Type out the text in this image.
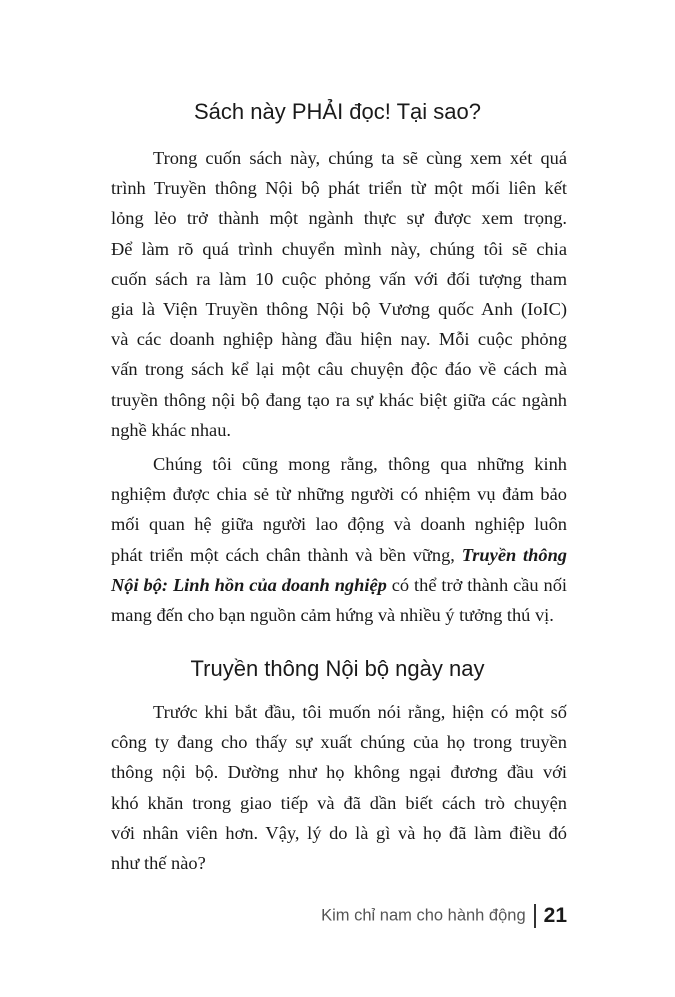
Sách này PHẢI đọc! Tại sao?

Trong cuốn sách này, chúng ta sẽ cùng xem xét quá
trình Truyền thông Nội bộ phát triển từ một mối liên kết
lỏng lẻo trở thành một ngành thực sự được xem trọng.
Để làm rõ quá trình chuyển mình này, chúng tôi sẽ chia
cuốn sách ra làm 10 cuộc phỏng vấn với đối tượng tham
gia là Viện Truyền thông Nội bộ Vương quốc Anh (IoIC)
và các doanh nghiệp hàng đầu hiện nay. Mỗi cuộc phỏng
vấn trong sách kể lại một câu chuyện độc đáo về cách mà
truyền thông nội bộ đang tạo ra sự khác biệt giữa các ngành
nghề khác nhau.

Chúng tôi cũng mong rằng, thông qua những kinh
nghiệm được chia sẻ từ những người có nhiệm vụ đảm bảo
mối quan hệ giữa người lao động và doanh nghiệp luôn
phát triển một cách chân thành và bền vững, Truyền thông
Nội bộ: Linh hồn của doanh nghiệp có thể trở thành cầu nối
mang đến cho bạn nguồn cảm hứng và nhiều ý tưởng thú vị.

Truyền thông Nội bộ ngày nay

Trước khi bắt đầu, tôi muốn nói rằng, hiện có một số
công ty đang cho thấy sự xuất chúng của họ trong truyền
thông nội bộ. Dường như họ không ngại đương đầu với
khó khăn trong giao tiếp và đã dần biết cách trò chuyện
với nhân viên hơn. Vậy, lý do là gì và họ đã làm điều đó
như thế nào?

Kim chỉ nam cho hành động 21
